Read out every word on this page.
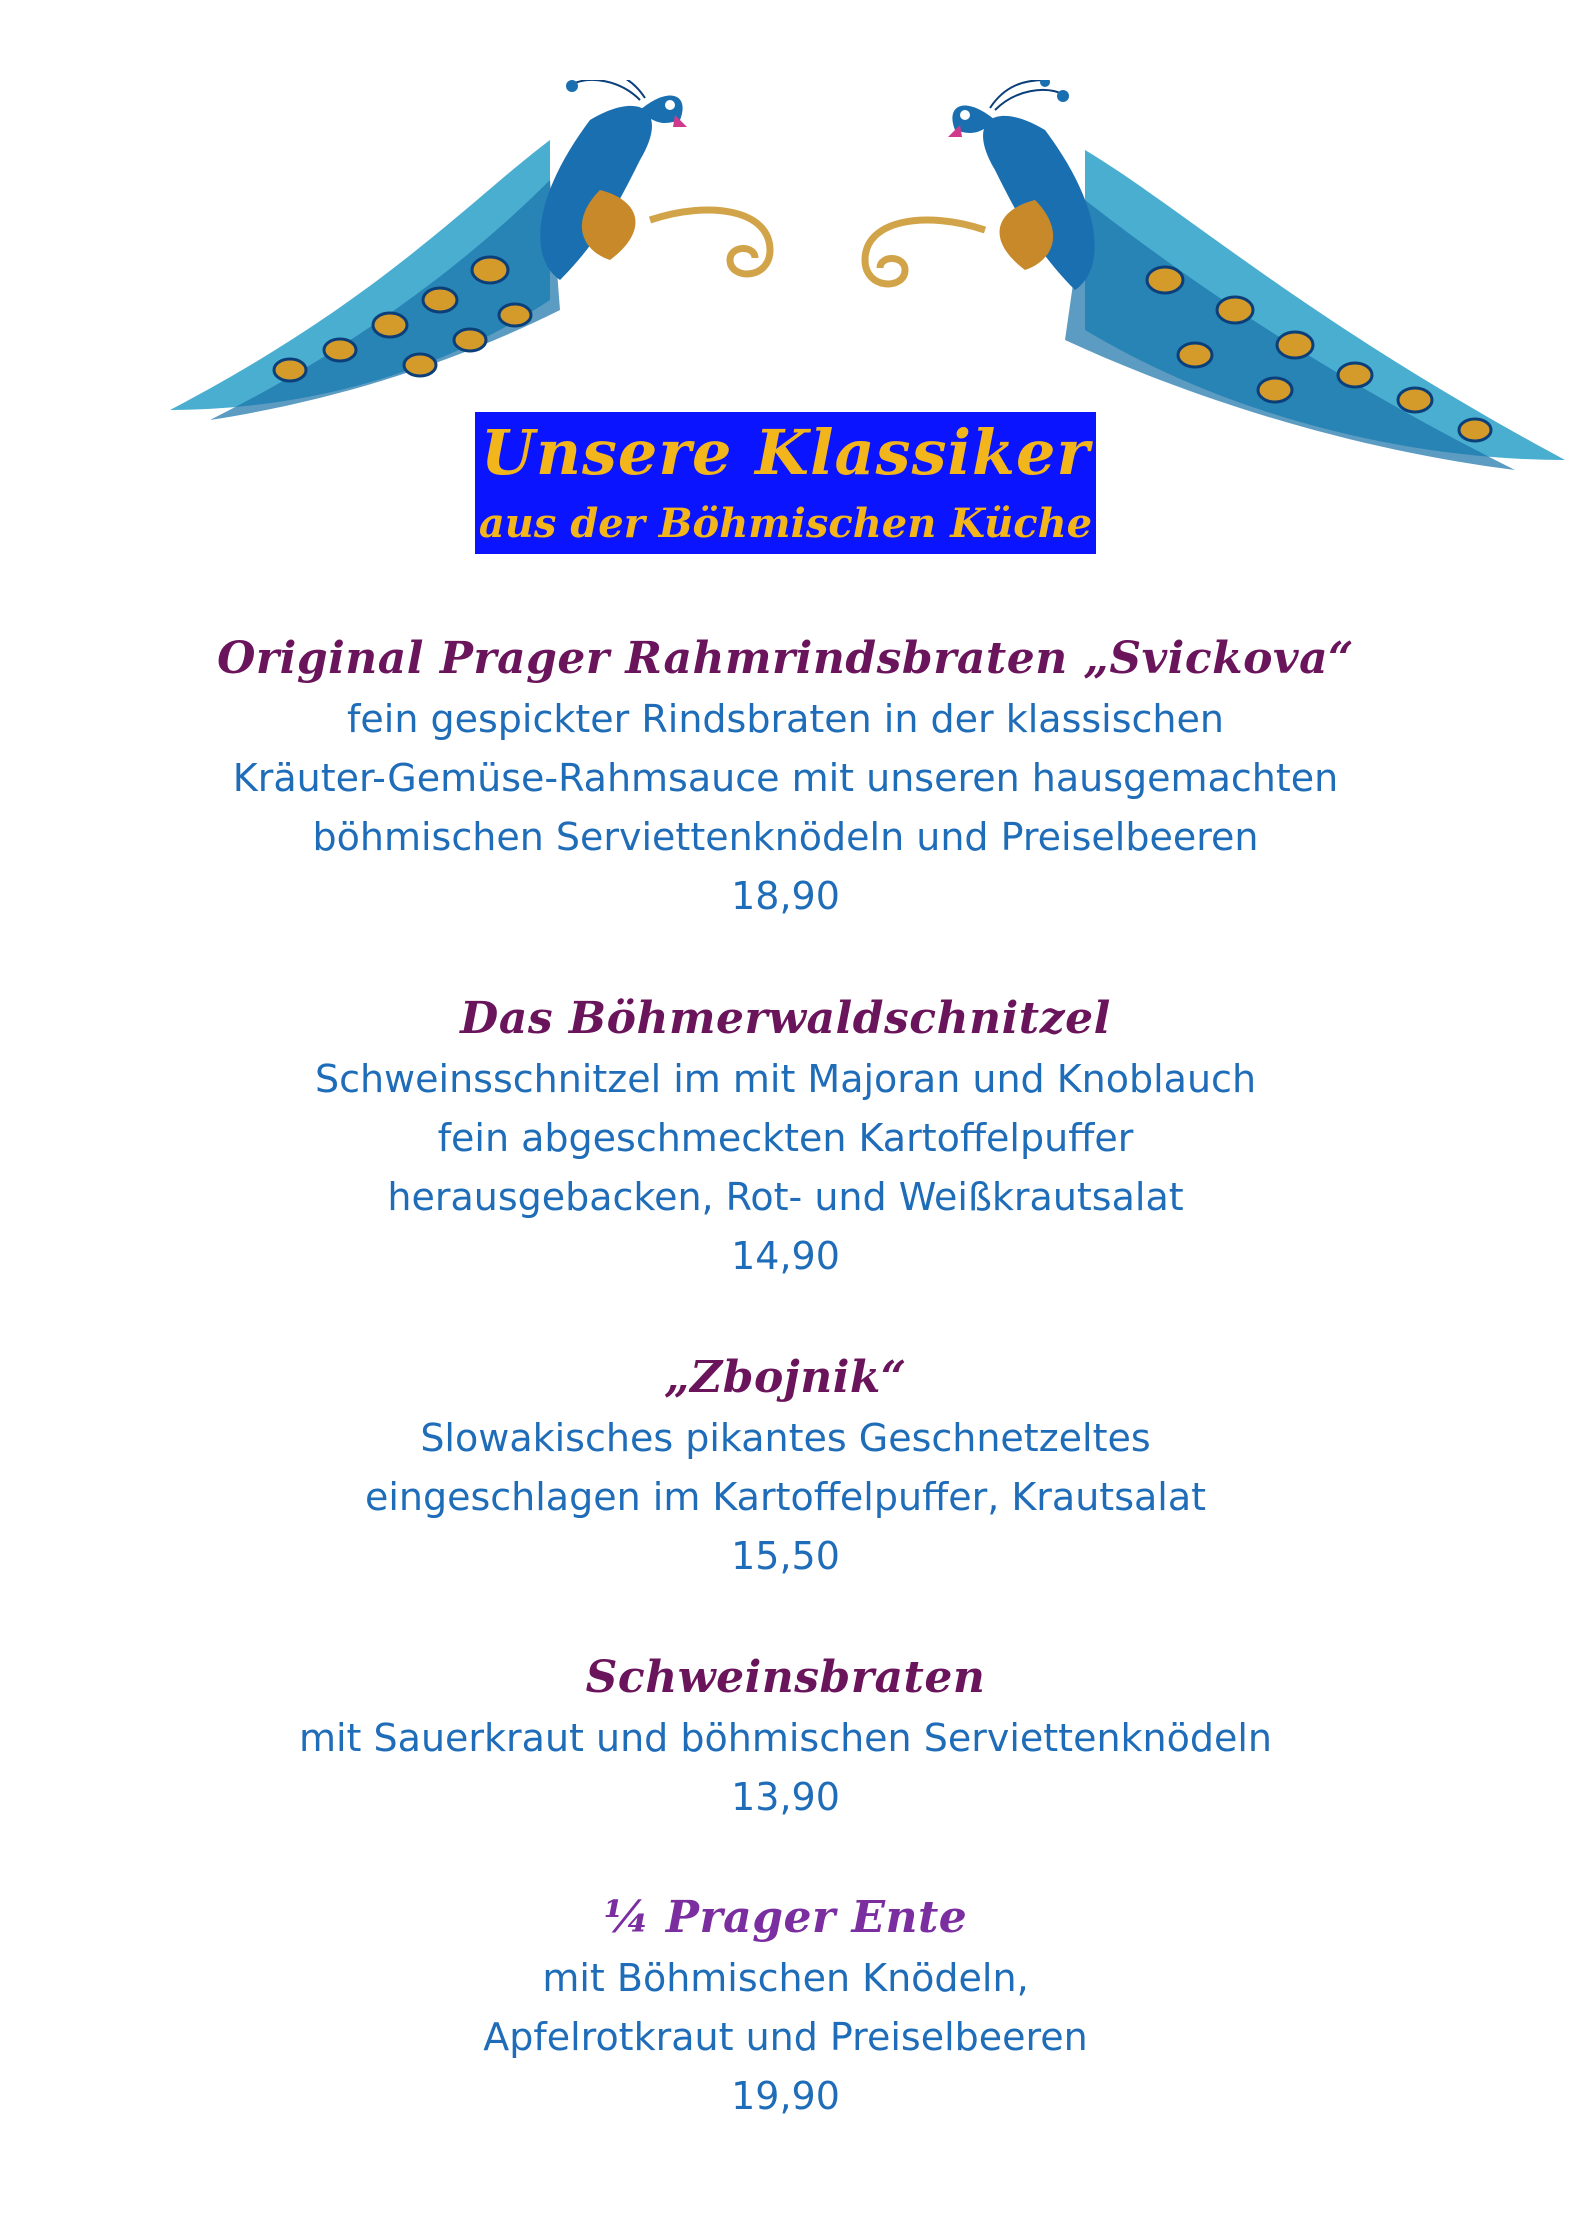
Unsere Klassiker
aus der Böhmischen Küche
Original Prager Rahmrindsbraten „Svickova“
fein gespickter Rindsbraten in der klassischen
Kräuter-Gemüse-Rahmsauce mit unseren hausgemachten
böhmischen Serviettenknödeln und Preiselbeeren
18,90
Das Böhmerwaldschnitzel
Schweinsschnitzel im mit Majoran und Knoblauch
fein abgeschmeckten Kartoffelpuffer
herausgebacken, Rot- und Weißkrautsalat
14,90
„Zbojnik“
Slowakisches pikantes Geschnetzeltes
eingeschlagen im Kartoffelpuffer, Krautsalat
15,50
Schweinsbraten
mit Sauerkraut und böhmischen Serviettenknödeln
13,90
¼ Prager Ente
mit Böhmischen Knödeln,
Apfelrotkraut und Preiselbeeren
19,90
